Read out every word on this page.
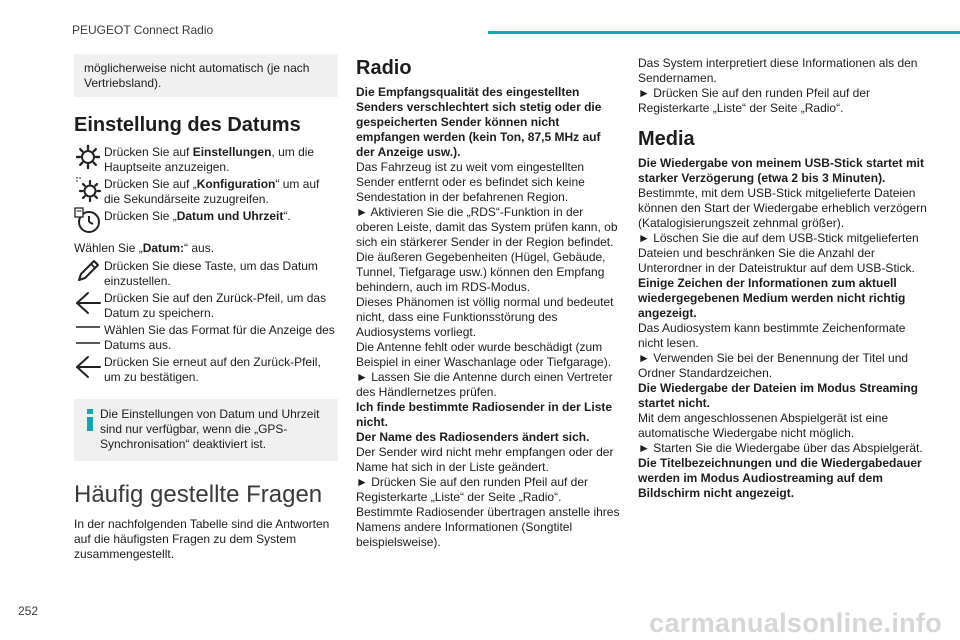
PEUGEOT Connect Radio

möglicherweise nicht automatisch (je nach Vertriebsland).

Einstellung des Datums
Drücken Sie auf Einstellungen, um die Hauptseite anzuzeigen.
Drücken Sie auf „Konfiguration“ um auf die Sekundärseite zuzugreifen.
Drücken Sie „Datum und Uhrzeit“.

Wählen Sie „Datum:“ aus.

Drücken Sie diese Taste, um das Datum einzustellen.
Drücken Sie auf den Zurück-Pfeil, um das Datum zu speichern.
Wählen Sie das Format für die Anzeige des Datums aus.
Drücken Sie erneut auf den Zurück-Pfeil, um zu bestätigen.

Die Einstellungen von Datum und Uhrzeit sind nur verfügbar, wenn die „GPS-Synchronisation“ deaktiviert ist.

Häufig gestellte Fragen

In der nachfolgenden Tabelle sind die Antworten auf die häufigsten Fragen zu dem System zusammengestellt.

Radio

Die Empfangsqualität des eingestellten Senders verschlechtert sich stetig oder die gespeicherten Sender können nicht empfangen werden (kein Ton, 87,5 MHz auf der Anzeige usw.).

Das Fahrzeug ist zu weit vom eingestellten Sender entfernt oder es befindet sich keine Sendestation in der befahrenen Region.

► Aktivieren Sie die „RDS“-Funktion in der oberen Leiste, damit das System prüfen kann, ob sich ein stärkerer Sender in der Region befindet.

Die äußeren Gegebenheiten (Hügel, Gebäude, Tunnel, Tiefgarage usw.) können den Empfang behindern, auch im RDS-Modus.

Dieses Phänomen ist völlig normal und bedeutet nicht, dass eine Funktionsstörung des Audiosystems vorliegt.

Die Antenne fehlt oder wurde beschädigt (zum Beispiel in einer Waschanlage oder Tiefgarage).

► Lassen Sie die Antenne durch einen Vertreter des Händlernetzes prüfen.

Ich finde bestimmte Radiosender in der Liste nicht.

Der Name des Radiosenders ändert sich.

Der Sender wird nicht mehr empfangen oder der Name hat sich in der Liste geändert.

► Drücken Sie auf den runden Pfeil auf der Registerkarte „Liste“ der Seite „Radio“.

Bestimmte Radiosender übertragen anstelle ihres Namens andere Informationen (Songtitel beispielsweise).

Das System interpretiert diese Informationen als den Sendernamen.

► Drücken Sie auf den runden Pfeil auf der Registerkarte „Liste“ der Seite „Radio“.

Media

Die Wiedergabe von meinem USB-Stick startet mit starker Verzögerung (etwa 2 bis 3 Minuten).

Bestimmte, mit dem USB-Stick mitgelieferte Dateien können den Start der Wiedergabe erheblich verzögern (Katalogisierungszeit zehnmal größer).

► Löschen Sie die auf dem USB-Stick mitgelieferten Dateien und beschränken Sie die Anzahl der Unterordner in der Dateistruktur auf dem USB-Stick.

Einige Zeichen der Informationen zum aktuell wiedergegebenen Medium werden nicht richtig angezeigt.

Das Audiosystem kann bestimmte Zeichenformate nicht lesen.

► Verwenden Sie bei der Benennung der Titel und Ordner Standardzeichen.

Die Wiedergabe der Dateien im Modus Streaming startet nicht.

Mit dem angeschlossenen Abspielgerät ist eine automatische Wiedergabe nicht möglich.

► Starten Sie die Wiedergabe über das Abspielgerät.

Die Titelbezeichnungen und die Wiedergabedauer werden im Modus Audiostreaming auf dem Bildschirm nicht angezeigt.

252	carmanualsonline.info
